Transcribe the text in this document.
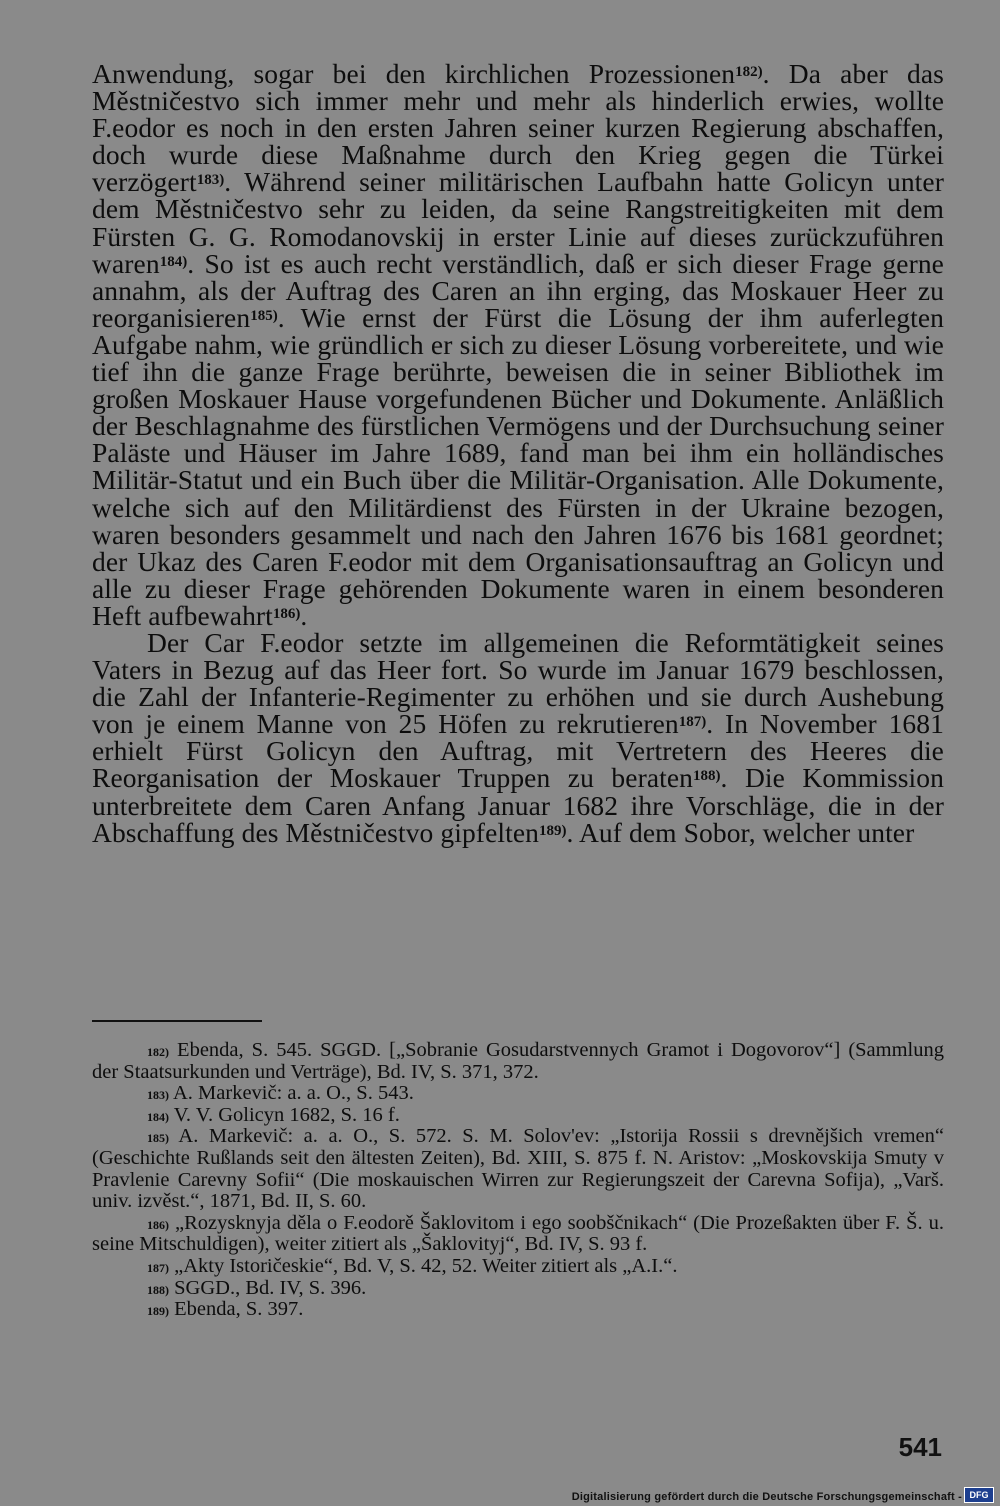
Anwendung, sogar bei den kirchlichen Prozessionen$^{182)}$. Da aber das Městničestvo sich immer mehr und mehr als hinderlich erwies, wollte F.eodor es noch in den ersten Jahren seiner kurzen Regierung abschaffen, doch wurde diese Maßnahme durch den Krieg gegen die Türkei verzögert$^{183)}$. Während seiner militärischen Laufbahn hatte Golicyn unter dem Městničestvo sehr zu leiden, da seine Rangstreitigkeiten mit dem Fürsten G. G. Romodanovskij in erster Linie auf dieses zurückzuführen waren$^{184)}$. So ist es auch recht verständlich, daß er sich dieser Frage gerne annahm, als der Auftrag des Caren an ihn erging, das Moskauer Heer zu reorganisieren$^{185)}$. Wie ernst der Fürst die Lösung der ihm auferlegten Aufgabe nahm, wie gründlich er sich zu dieser Lösung vorbereitete, und wie tief ihn die ganze Frage berührte, beweisen die in seiner Bibliothek im großen Moskauer Hause vorgefundenen Bücher und Dokumente. Anläßlich der Beschlagnahme des fürstlichen Vermögens und der Durchsuchung seiner Paläste und Häuser im Jahre 1689, fand man bei ihm ein holländisches Militär-Statut und ein Buch über die Militär-Organisation. Alle Dokumente, welche sich auf den Militärdienst des Fürsten in der Ukraine bezogen, waren besonders gesammelt und nach den Jahren 1676 bis 1681 geordnet; der Ukaz des Caren F.eodor mit dem Organisationsauftrag an Golicyn und alle zu dieser Frage gehörenden Dokumente waren in einem besonderen Heft aufbewahrt$^{186)}$.

Der Car F.eodor setzte im allgemeinen die Reformtätigkeit seines Vaters in Bezug auf das Heer fort. So wurde im Januar 1679 beschlossen, die Zahl der Infanterie-Regimenter zu erhöhen und sie durch Aushebung von je einem Manne von 25 Höfen zu rekrutieren$^{187)}$. In November 1681 erhielt Fürst Golicyn den Auftrag, mit Vertretern des Heeres die Reorganisation der Moskauer Truppen zu beraten$^{188)}$. Die Kommission unterbreitete dem Caren Anfang Januar 1682 ihre Vorschläge, die in der Abschaffung des Městničestvo gipfelten$^{189)}$. Auf dem Sobor, welcher unter

$^{182)}$ Ebenda, S. 545. SGGD. [„Sobranie Gosudarstvennych Gramot i Dogovorov“] (Sammlung der Staatsurkunden und Verträge), Bd. IV, S. 371, 372.

$^{183)}$ A. Markevič: a. a. O., S. 543.

$^{184)}$ V. V. Golicyn 1682, S. 16 f.

$^{185)}$ A. Markevič: a. a. O., S. 572. S. M. Solov'ev: „Istorija Rossii s drevnějšich vremen“ (Geschichte Rußlands seit den ältesten Zeiten), Bd. XIII, S. 875 f. N. Aristov: „Moskovskija Smuty v Pravlenie Carevny Sofii“ (Die moskauischen Wirren zur Regierungszeit der Carevna Sofija), „Varš. univ. izvěst.“, 1871, Bd. II, S. 60.

$^{186)}$ „Rozysknyja děla o F.eodorě Šaklovitom i ego soobščnikach“ (Die Prozeßakten über F. Š. u. seine Mitschuldigen), weiter zitiert als „Šaklovityj“, Bd. IV, S. 93 f.

$^{187)}$ „Akty Istoričeskie“, Bd. V, S. 42, 52. Weiter zitiert als „A.I.“.

$^{188)}$ SGGD., Bd. IV, S. 396.

$^{189)}$ Ebenda, S. 397.

541
Digitalisierung gefördert durch die Deutsche Forschungsgemeinschaft - DFG
